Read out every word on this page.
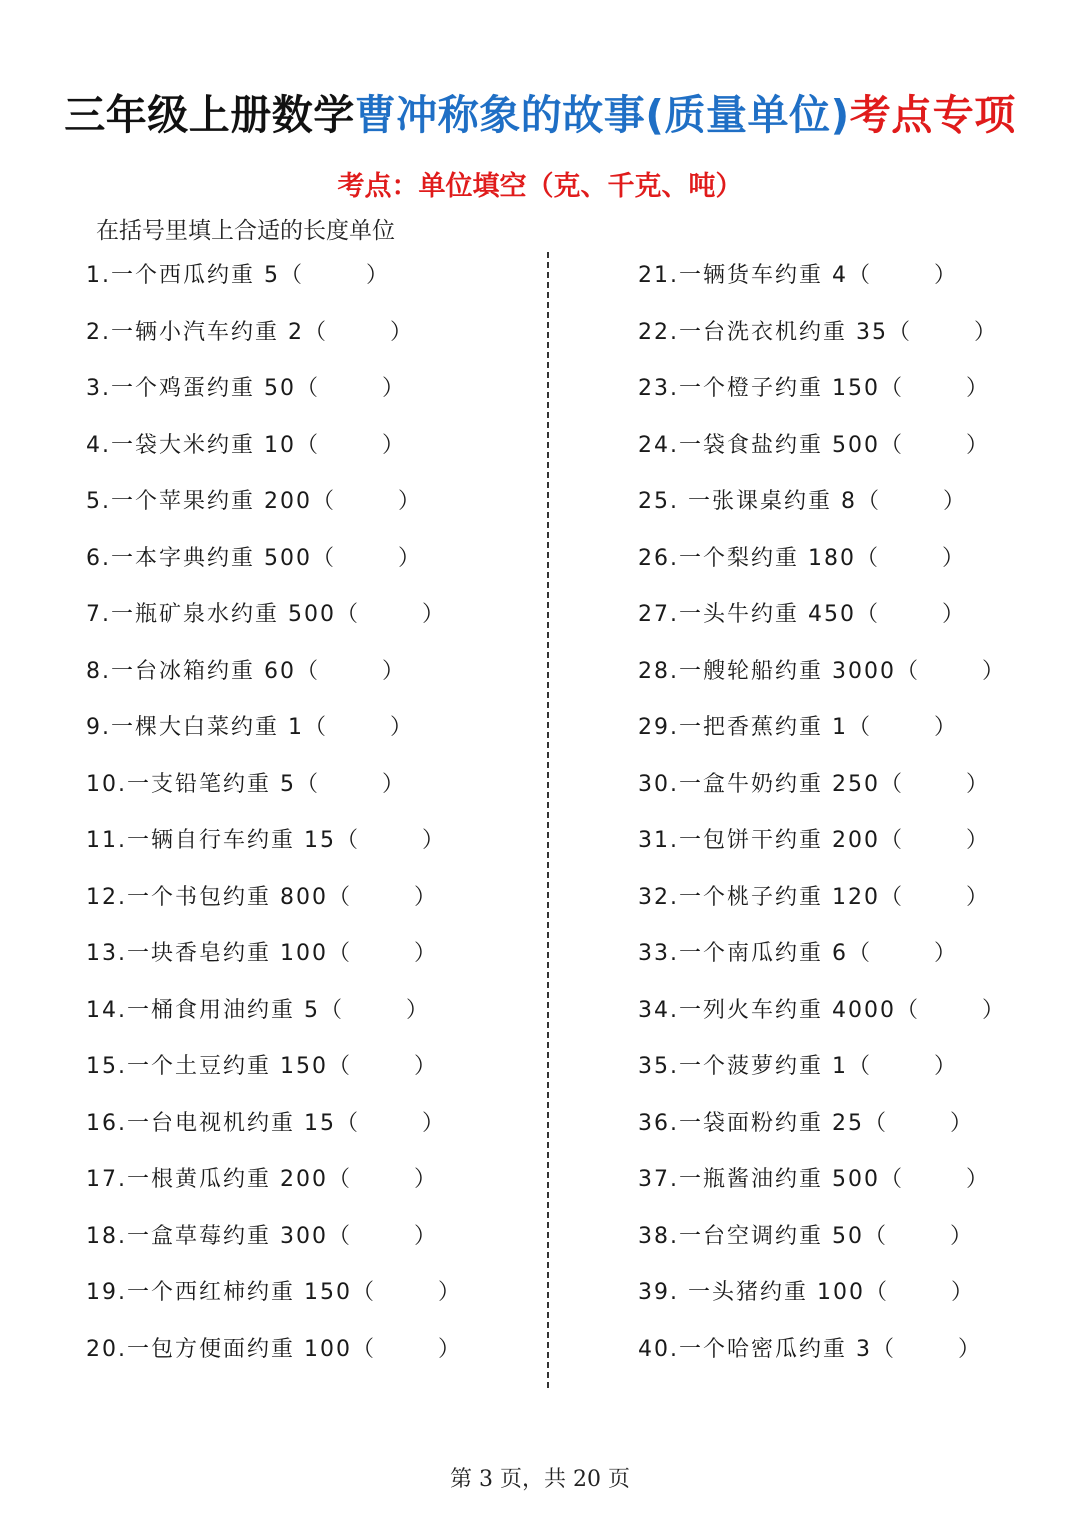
三年级上册数学曹冲称象的故事(质量单位)考点专项
考点：单位填空（克、千克、吨）
在括号里填上合适的长度单位
1.一个西瓜约重 5（	）
2.一辆小汽车约重 2（	）
3.一个鸡蛋约重 50（	）
4.一袋大米约重 10（	）
5.一个苹果约重 200（	）
6.一本字典约重 500（	）
7.一瓶矿泉水约重 500（	）
8.一台冰箱约重 60（	）
9.一棵大白菜约重 1（	）
10.一支铅笔约重 5（	）
11.一辆自行车约重 15（	）
12.一个书包约重 800（	）
13.一块香皂约重 100（	）
14.一桶食用油约重 5（	）
15.一个土豆约重 150（	）
16.一台电视机约重 15（	）
17.一根黄瓜约重 200（	）
18.一盒草莓约重 300（	）
19.一个西红柿约重 150（	）
20.一包方便面约重 100（	）
21.一辆货车约重 4（	）
22.一台洗衣机约重 35（	）
23.一个橙子约重 150（	）
24.一袋食盐约重 500（	）
25. 一张课桌约重 8（	）
26.一个梨约重 180（	）
27.一头牛约重 450（	）
28.一艘轮船约重 3000（	）
29.一把香蕉约重 1（	）
30.一盒牛奶约重 250（	）
31.一包饼干约重 200（	）
32.一个桃子约重 120（	）
33.一个南瓜约重 6（	）
34.一列火车约重 4000（	）
35.一个菠萝约重 1（	）
36.一袋面粉约重 25（	）
37.一瓶酱油约重 500（	）
38.一台空调约重 50（	）
39. 一头猪约重 100（	）
40.一个哈密瓜约重 3（	）
第 3 页，共 20 页
